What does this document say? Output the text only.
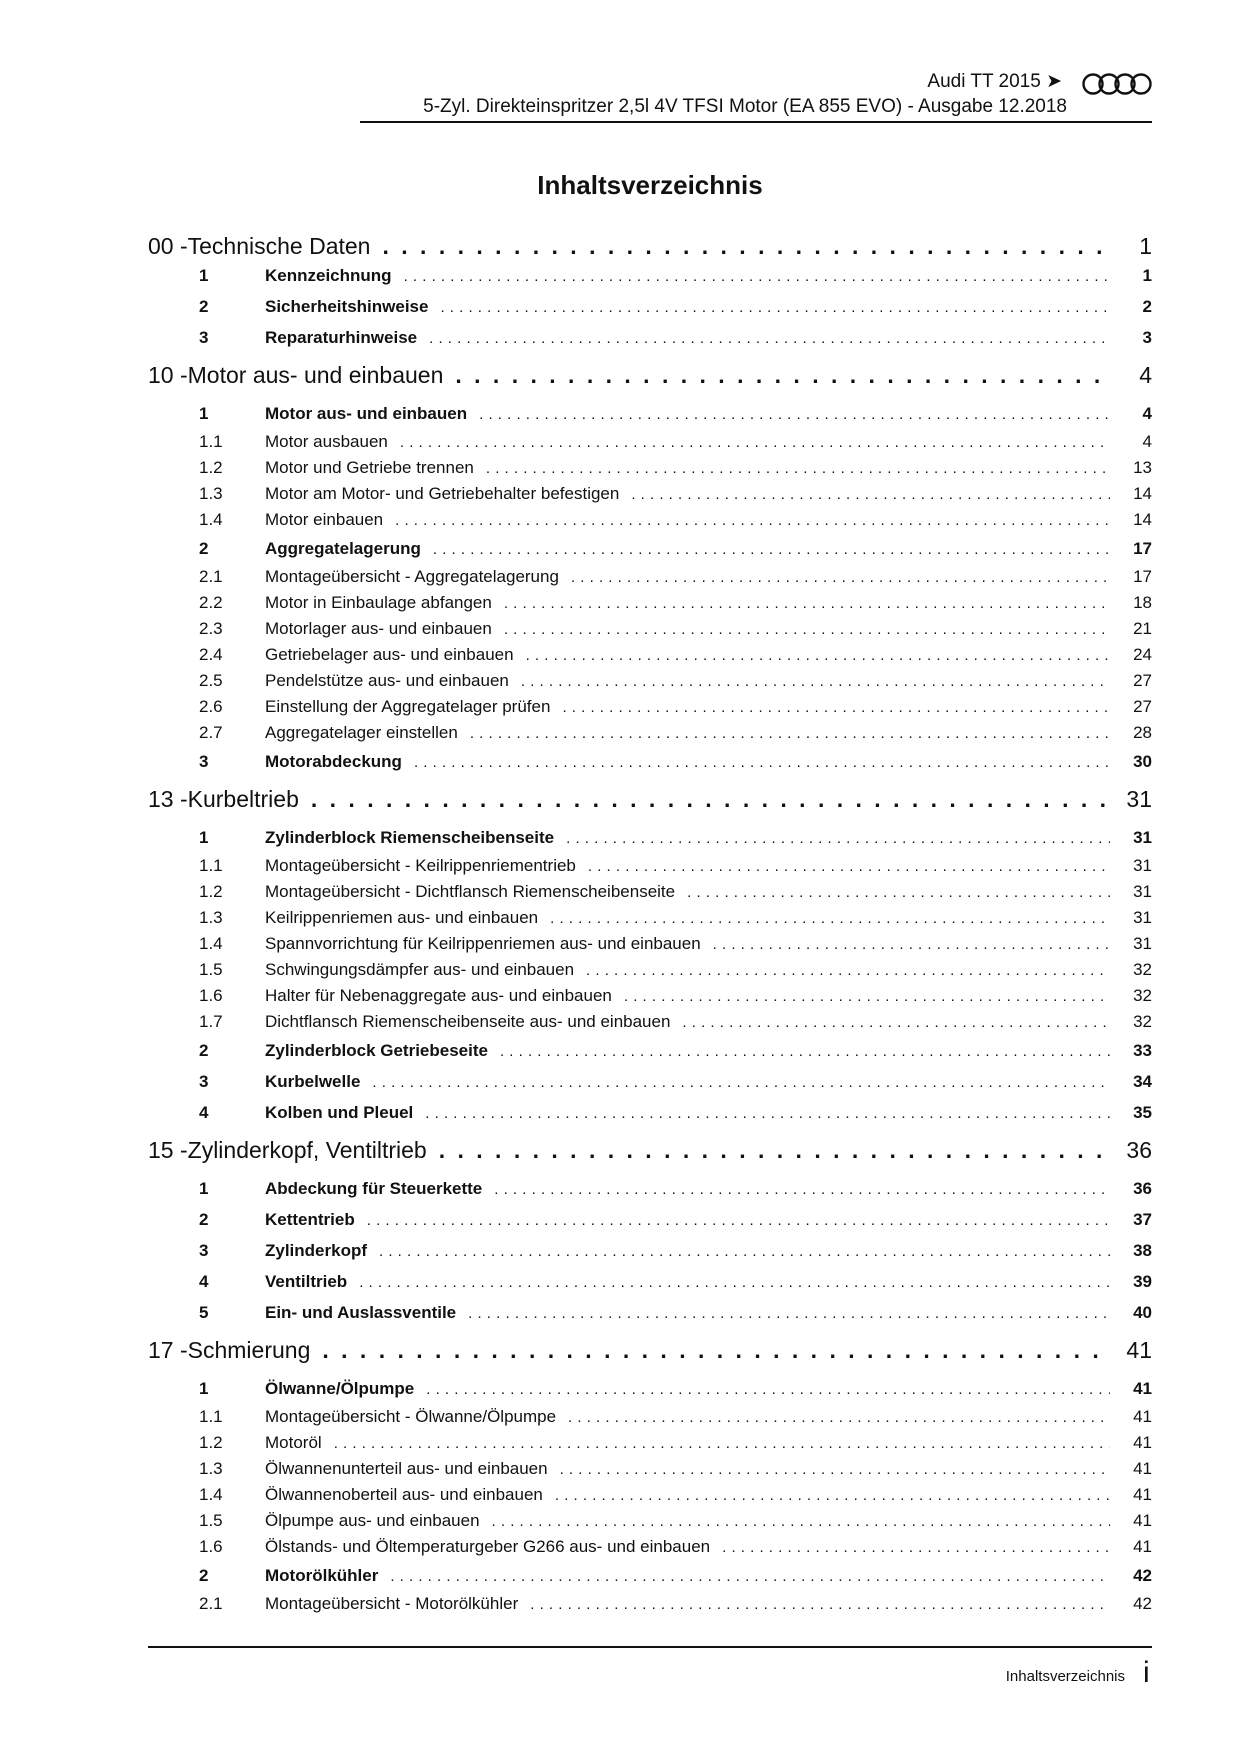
Audi TT 2015 ➤
5-Zyl. Direkteinspritzer 2,5l 4V TFSI Motor (EA 855 EVO) - Ausgabe 12.2018
Inhaltsverzeichnis
00 - Technische Daten . . .	1
1	Kennzeichnung . . .	1
2	Sicherheitshinweise . . .	2
3	Reparaturhinweise . . .	3
10 - Motor aus- und einbauen . . .	4
1	Motor aus- und einbauen . . .	4
1.1	Motor ausbauen . . .	4
1.2	Motor und Getriebe trennen . . .	13
1.3	Motor am Motor- und Getriebehalter befestigen . . .	14
1.4	Motor einbauen . . .	14
2	Aggregatelagerung . . .	17
2.1	Montageübersicht - Aggregatelagerung . . .	17
2.2	Motor in Einbaulage abfangen . . .	18
2.3	Motorlager aus- und einbauen . . .	21
2.4	Getriebelager aus- und einbauen . . .	24
2.5	Pendelstütze aus- und einbauen . . .	27
2.6	Einstellung der Aggregatelager prüfen . . .	27
2.7	Aggregatelager einstellen . . .	28
3	Motorabdeckung . . .	30
13 - Kurbeltrieb . . .	31
1	Zylinderblock Riemenscheibenseite . . .	31
1.1	Montageübersicht - Keilrippenriementrieb . . .	31
1.2	Montageübersicht - Dichtflansch Riemenscheibenseite . . .	31
1.3	Keilrippenriemen aus- und einbauen . . .	31
1.4	Spannvorrichtung für Keilrippenriemen aus- und einbauen . . .	31
1.5	Schwingungsdämpfer aus- und einbauen . . .	32
1.6	Halter für Nebenaggregate aus- und einbauen . . .	32
1.7	Dichtflansch Riemenscheibenseite aus- und einbauen . . .	32
2	Zylinderblock Getriebeseite . . .	33
3	Kurbelwelle . . .	34
4	Kolben und Pleuel . . .	35
15 - Zylinderkopf, Ventiltrieb . . .	36
1	Abdeckung für Steuerkette . . .	36
2	Kettentrieb . . .	37
3	Zylinderkopf . . .	38
4	Ventiltrieb . . .	39
5	Ein- und Auslassventile . . .	40
17 - Schmierung . . .	41
1	Ölwanne/Ölpumpe . . .	41
1.1	Montageübersicht - Ölwanne/Ölpumpe . . .	41
1.2	Motoröl . . .	41
1.3	Ölwannenunterteil aus- und einbauen . . .	41
1.4	Ölwannenoberteil aus- und einbauen . . .	41
1.5	Ölpumpe aus- und einbauen . . .	41
1.6	Ölstands- und Öltemperaturgeber G266 aus- und einbauen . . .	41
2	Motorölkühler . . .	42
2.1	Montageübersicht - Motorölkühler . . .	42
Inhaltsverzeichnis i
